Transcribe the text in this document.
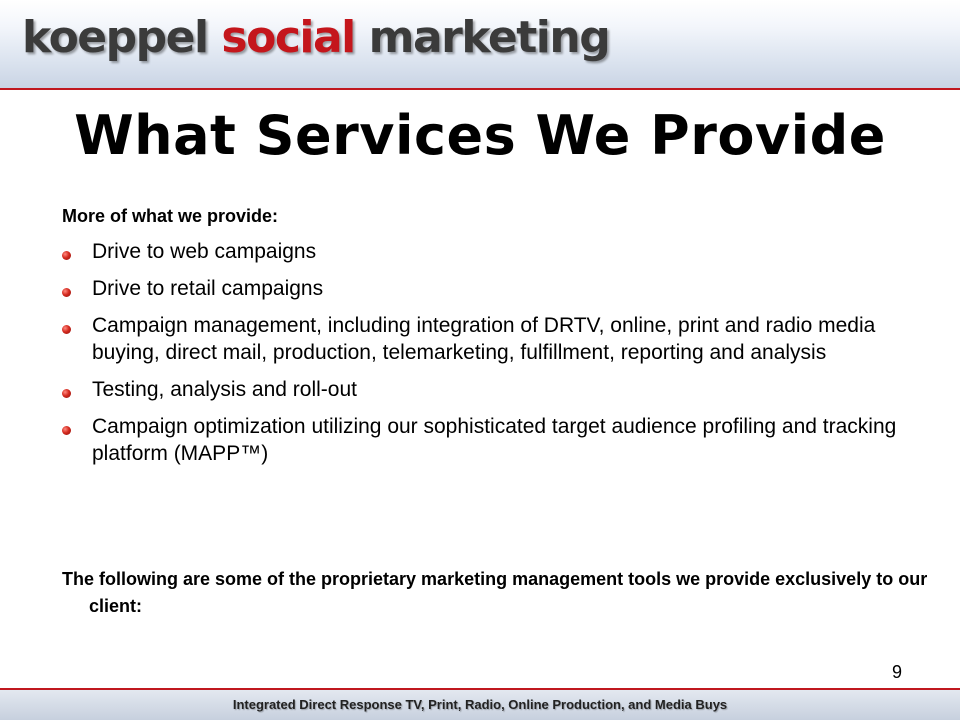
koeppel social marketing
What Services We Provide

More of what we provide:

Drive to web campaigns
Drive to retail campaigns
Campaign management, including integration of DRTV, online, print and radio media buying, direct mail, production, telemarketing, fulfillment, reporting and analysis
Testing, analysis and roll-out
Campaign optimization utilizing our sophisticated target audience profiling and tracking platform (MAPP™)

The following are some of the proprietary marketing management tools we provide exclusively to our client:

9
Integrated Direct Response TV, Print, Radio, Online Production, and Media Buys
